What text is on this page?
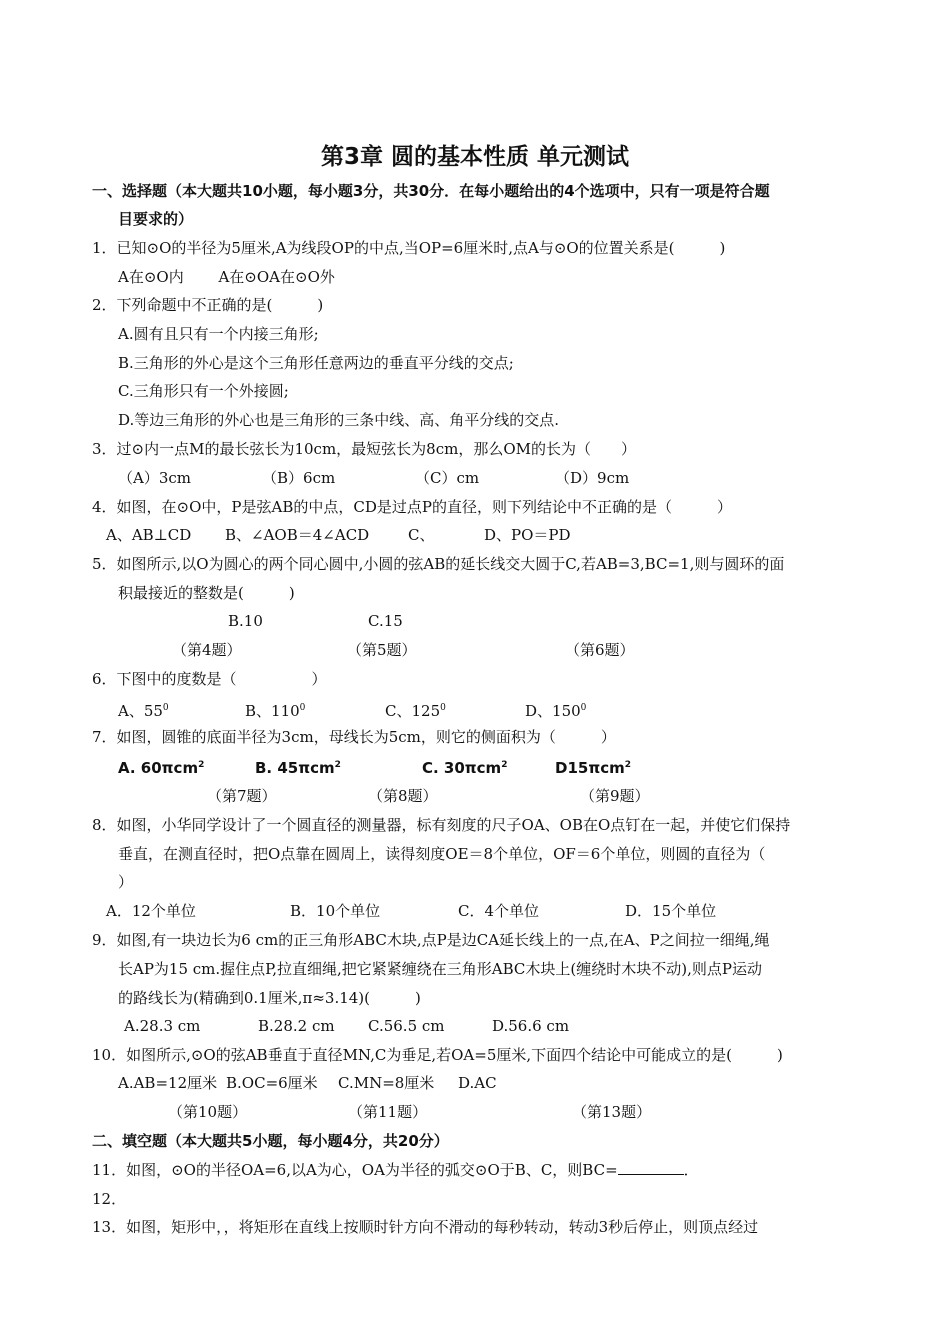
第3章 圆的基本性质 单元测试
一、选择题（本大题共10小题，每小题3分，共30分．在每小题给出的4个选项中，只有一项是符合题
目要求的）
1．已知⊙O的半径为5厘米,A为线段OP的中点,当OP=6厘米时,点A与⊙O的位置关系是(　　　)
A在⊙O内　　 A在⊙OA在⊙O外
2．下列命题中不正确的是(　　　)
A.圆有且只有一个内接三角形;
B.三角形的外心是这个三角形任意两边的垂直平分线的交点;
C.三角形只有一个外接圆;
D.等边三角形的外心也是三角形的三条中线、高、角平分线的交点.
3．过⊙内一点M的最长弦长为10cm，最短弦长为8cm，那么OM的长为（　　）
（A）3cm	（B）6cm	（C）cm	（D）9cm
4．如图，在⊙O中，P是弦AB的中点，CD是过点P的直径，则下列结论中不正确的是（　　　）
A、AB⊥CD B、∠AOB＝4∠ACD	C、	D、PO＝PD
5．如图所示,以O为圆心的两个同心圆中,小圆的弦AB的延长线交大圆于C,若AB=3,BC=1,则与圆环的面
积最接近的整数是(　　　)
B.10	C.15
（第4题）	（第5题）	（第6题）
6．下图中的度数是（　　　　　）
A、$55^0$	B、$110^0$	C、$125^0$	D、$150^0$
7．如图，圆锥的底面半径为3cm，母线长为5cm，则它的侧面积为（　　　）
A. 60πcm$^2$	B. 45πcm$^2$	C. 30πcm$^2$	D15πcm$^2$
（第7题）	（第8题）	（第9题）
8．如图，小华同学设计了一个圆直径的测量器，标有刻度的尺子OA、OB在O点钉在一起，并使它们保持
垂直，在测直径时，把O点靠在圆周上，读得刻度OE＝8个单位，OF＝6个单位，则圆的直径为（
）
A．12个单位	B．10个单位	C．4个单位	D．15个单位
9．如图,有一块边长为6 cm的正三角形ABC木块,点P是边CA延长线上的一点,在A、P之间拉一细绳,绳
长AP为15 cm.握住点P,拉直细绳,把它紧紧缠绕在三角形ABC木块上(缠绕时木块不动),则点P运动
的路线长为(精确到0.1厘米,π≈3.14)(　　　)
A.28.3 cm	B.28.2 cm C.56.5 cm	D.56.6 cm
10．如图所示,⊙O的弦AB垂直于直径MN,C为垂足,若OA=5厘米,下面四个结论中可能成立的是(　　　)
A.AB=12厘米 B.OC=6厘米 C.MN=8厘米 D.AC
（第10题）	（第11题）	（第13题）
二、填空题（本大题共5小题，每小题4分，共20分）
11．如图，⊙O的半径OA=6,以A为心，OA为半径的弧交⊙O于B、C，则BC=	．
12．
13．如图，矩形中，，将矩形在直线上按顺时针方向不滑动的每秒转动，转动3秒后停止，则顶点经过
